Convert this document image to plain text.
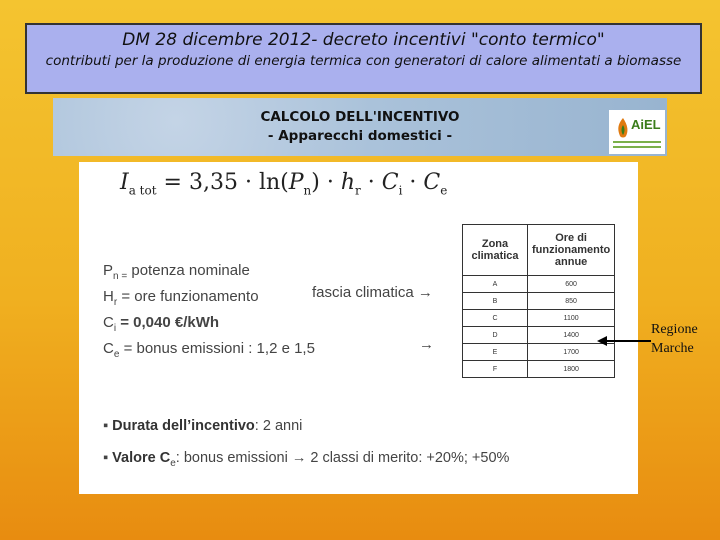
DM 28 dicembre 2012- decreto incentivi "conto termico"
contributi per la produzione di energia termica con generatori di calore alimentati a biomasse
CALCOLO DELL'INCENTIVO
- Apparecchi domestici -
AiEL
$I_{a tot} = 3,35 \cdot \ln(P_n) \cdot h_r \cdot C_i \cdot C_e$
$P_{n =}$ potenza nominale
$H_r$ = ore funzionamento
$C_i = 0,040$ €/kWh
$C_e$ = bonus emissioni : 1,2 e 1,5
fascia climatica →
→
Zona climatica	Ore di funzionamento annue
A	600
B	850
C	1100
D	1400
E	1700
F	1800
▪ Durata dell’incentivo: 2 anni
▪ Valore $C_e$: bonus emissioni → 2 classi di merito: +20%; +50%
Regione
Marche
